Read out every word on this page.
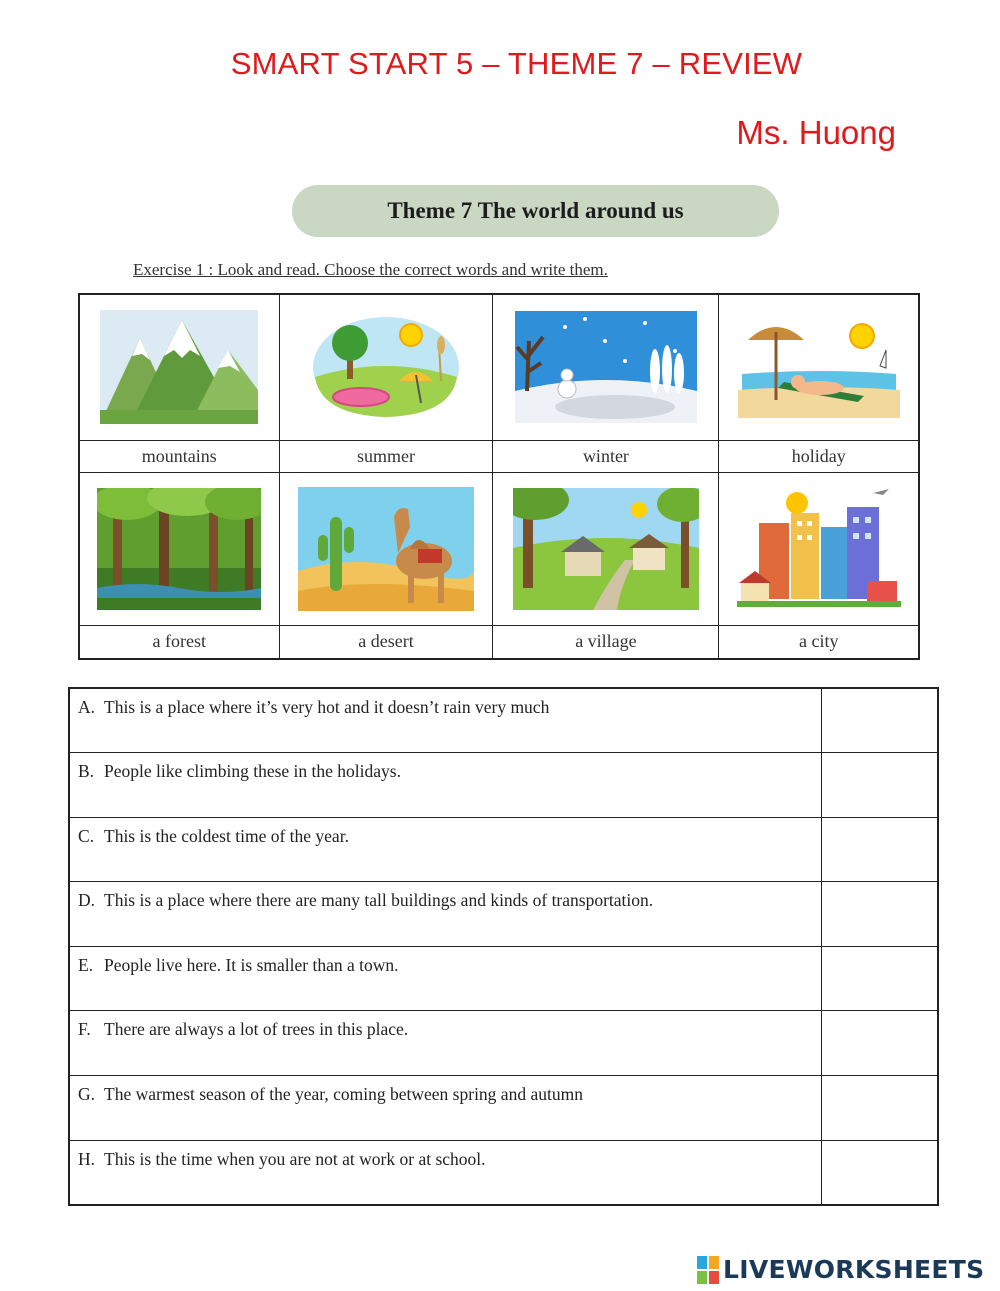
SMART START 5 – THEME 7 – REVIEW
Ms. Huong
Theme 7 The world around us
Exercise 1 : Look and read. Choose the correct words and write them.

mountains	summer	winter	holiday

a forest	a desert	a village	a city
A. This is a place where it’s very hot and it doesn’t rain very much	
B. People like climbing these in the holidays.	
C. This is the coldest time of the year.	
D. This is a place where there are many tall buildings and kinds of transportation.	
E. People live here. It is smaller than a town.	
F. There are always a lot of trees in this place.	
G. The warmest season of the year, coming between spring and autumn	
H. This is the time when you are not at work or at school.	
LIVEWORKSHEETS
